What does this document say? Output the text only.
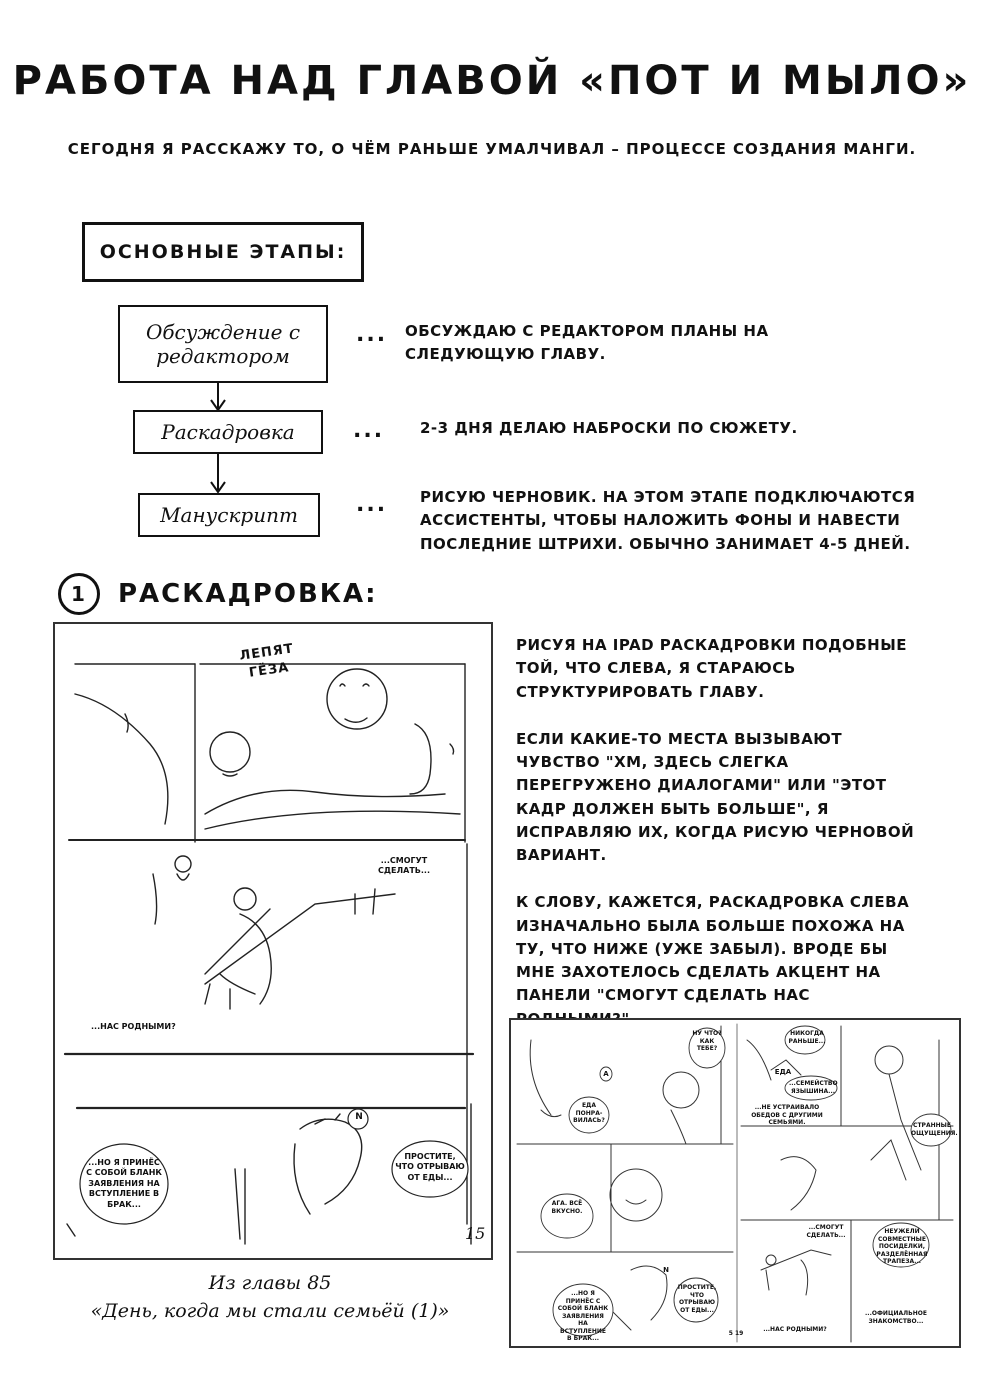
РАБОТА НАД ГЛАВОЙ «ПОТ И МЫЛО»
СЕГОДНЯ Я РАССКАЖУ ТО, О ЧЁМ РАНЬШЕ УМАЛЧИВАЛ – ПРОЦЕССЕ СОЗДАНИЯ МАНГИ.
ОСНОВНЫЕ ЭТАПЫ:
Обсуждение с
редактором
... ОБСУЖДАЮ С РЕДАКТОРОМ ПЛАНЫ НА
СЛЕДУЮЩУЮ ГЛАВУ.
Раскадровка	... 2-3 ДНЯ ДЕЛАЮ НАБРОСКИ ПО СЮЖЕТУ.
Манускрипт	... РИСУЮ ЧЕРНОВИК. НА ЭТОМ ЭТАПЕ ПОДКЛЮЧАЮТСЯ
АССИСТЕНТЫ, ЧТОБЫ НАЛОЖИТЬ ФОНЫ И НАВЕСТИ
ПОСЛЕДНИЕ ШТРИХИ. ОБЫЧНО ЗАНИМАЕТ 4-5 ДНЕЙ.
1 РАСКАДРОВКА:
ЛЕПЯТ ГЁЗА
...СМОГУТ СДЕЛАТЬ...
...НАС РОДНЫМИ?
...НО Я ПРИНЁС С СОБОЙ БЛАНК ЗАЯВЛЕНИЯ НА ВСТУПЛЕНИЕ В БРАК...
ПРОСТИТЕ, ЧТО ОТРЫВАЮ ОТ ЕДЫ...
N
15

РИСУЯ НА IPAD РАСКАДРОВКИ ПОДОБНЫЕ ТОЙ, ЧТО СЛЕВА, Я СТАРАЮСЬ СТРУКТУРИРОВАТЬ ГЛАВУ.

ЕСЛИ КАКИЕ-ТО МЕСТА ВЫЗЫВАЮТ ЧУВСТВО "ХМ, ЗДЕСЬ СЛЕГКА ПЕРЕГРУЖЕНО ДИАЛОГАМИ" ИЛИ "ЭТОТ КАДР ДОЛЖЕН БЫТЬ БОЛЬШЕ", Я ИСПРАВЛЯЮ ИХ, КОГДА РИСУЮ ЧЕРНОВОЙ ВАРИАНТ.

К СЛОВУ, КАЖЕТСЯ, РАСКАДРОВКА СЛЕВА ИЗНАЧАЛЬНО БЫЛА БОЛЬШЕ ПОХОЖА НА ТУ, ЧТО НИЖЕ (УЖЕ ЗАБЫЛ). ВРОДЕ БЫ МНЕ ЗАХОТЕЛОСЬ СДЕЛАТЬ АКЦЕНТ НА ПАНЕЛИ "СМОГУТ СДЕЛАТЬ НАС

НУ ЧТО? КАК ТЕБЕ?
ЕДА ПОНРА-ВИЛАСЬ?
АГА. ВСЁ ВКУСНО.
...НО Я ПРИНЁС С СОБОЙ БЛАНК ЗАЯВЛЕНИЯ НА ВСТУПЛЕНИЕ В БРАК...
ПРОСТИТЕ, ЧТО ОТРЫВАЮ ОТ ЕДЫ...
НИКОГДА РАНЬШЕ...
ЕДА
...СЕМЕЙСТВО ЯЗЫШИНА...
...НЕ УСТРАИВАЛО ОБЕДОВ С ДРУГИМИ СЕМЬЯМИ.	СТРАННЫЕ ОЩУЩЕНИЯ.
...СМОГУТ СДЕЛАТЬ...
...НАС РОДНЫМИ?
НЕУЖЕЛИ СОВМЕСТНЫЕ ПОСИДЕЛКИ, РАЗДЕЛЁННАЯ ТРАПЕЗА...
...ОФИЦИАЛЬНОЕ ЗНАКОМСТВО...
A
N
5 19
Из главы 85
«День, когда мы стали семьёй (1)»
